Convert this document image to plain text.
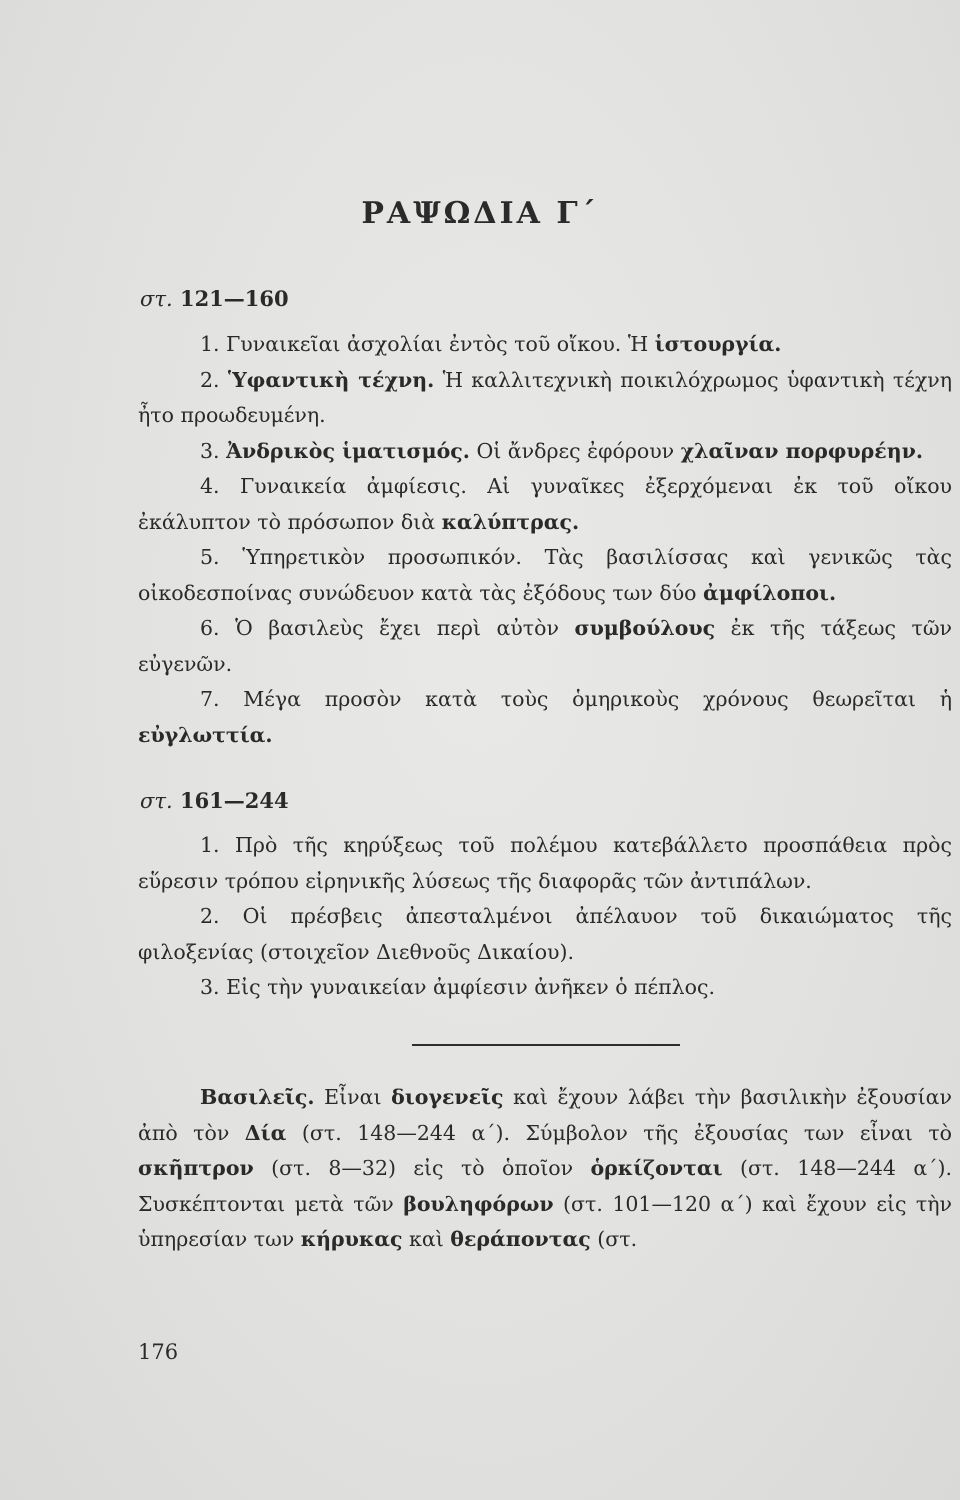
ΡΑΨΩΔΙΑ Γ΄
στ. 121—160

1. Γυναικεῖαι ἀσχολίαι ἐντὸς τοῦ οἴκου. Ἡ ἱστουργία.

2. Ὑφαντικὴ τέχνη. Ἡ καλλιτεχνικὴ ποικιλόχρωμος ὑφαντικὴ τέχνη ἦτο προωδευμένη.

3. Ἀνδρικὸς ἱματισμός. Οἱ ἄνδρες ἐφόρουν χλαῖναν πορφυρέην.

4. Γυναικεία ἀμφίεσις. Αἱ γυναῖκες ἐξερχόμεναι ἐκ τοῦ οἴκου ἐκάλυπτον τὸ πρόσωπον διὰ καλύπτρας.

5. Ὑπηρετικὸν προσωπικόν. Τὰς βασιλίσσας καὶ γενικῶς τὰς οἰκοδεσποίνας συνώδευον κατὰ τὰς ἐξόδους των δύο ἀμφίλοποι.

6. Ὁ βασιλεὺς ἔχει περὶ αὐτὸν συμβούλους ἐκ τῆς τάξεως τῶν εὐγενῶν.

7. Μέγα προσὸν κατὰ τοὺς ὁμηρικοὺς χρόνους θεωρεῖται ἡ εὐγλωττία.

στ. 161—244

1. Πρὸ τῆς κηρύξεως τοῦ πολέμου κατεβάλλετο προσπάθεια πρὸς εὕρεσιν τρόπου εἰρηνικῆς λύσεως τῆς διαφορᾶς τῶν ἀντιπάλων.

2. Οἱ πρέσβεις ἀπεσταλμένοι ἀπέλαυον τοῦ δικαιώματος τῆς φιλοξενίας (στοιχεῖον Διεθνοῦς Δικαίου).

3. Εἰς τὴν γυναικείαν ἀμφίεσιν ἀνῆκεν ὁ πέπλος.

Βασιλεῖς. Εἶναι διογενεῖς καὶ ἔχουν λάβει τὴν βασιλικὴν ἐξουσίαν ἀπὸ τὸν Δία (στ. 148—244 α΄). Σύμβολον τῆς ἐξουσίας των εἶναι τὸ σκῆπτρον (στ. 8—32) εἰς τὸ ὁποῖον ὁρκίζονται (στ. 148—244 α΄). Συσκέπτονται μετὰ τῶν βουληφόρων (στ. 101—120 α΄) καὶ ἔχουν εἰς τὴν ὑπηρεσίαν των κήρυκας καὶ θεράποντας (στ.
176
